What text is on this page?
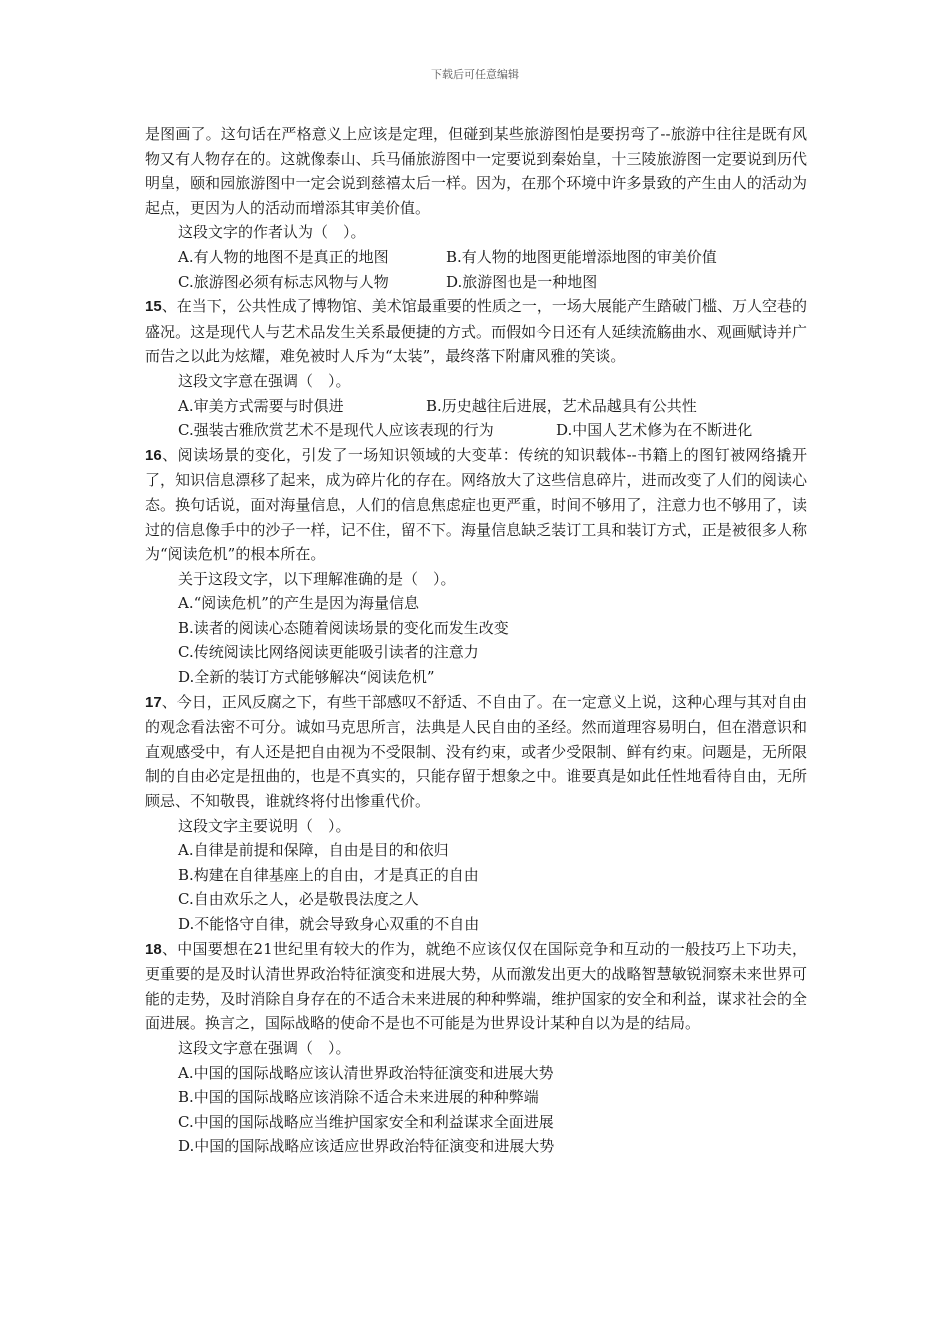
下载后可任意编辑

是图画了。这句话在严格意义上应该是定理，但碰到某些旅游图怕是要拐弯了--旅游中往往是既有风物又有人物存在的。这就像泰山、兵马俑旅游图中一定要说到秦始皇，十三陵旅游图一定要说到历代明皇，颐和园旅游图中一定会说到慈禧太后一样。因为，在那个环境中许多景致的产生由人的活动为起点，更因为人的活动而增添其审美价值。

这段文字的作者认为（　）。

A.有人物的地图不是真正的地图	B.有人物的地图更能增添地图的审美价值
C.旅游图必须有标志风物与人物	D.旅游图也是一种地图

15、在当下，公共性成了博物馆、美术馆最重要的性质之一，一场大展能产生踏破门槛、万人空巷的盛况。这是现代人与艺术品发生关系最便捷的方式。而假如今日还有人延续流觞曲水、观画赋诗并广而告之以此为炫耀，难免被时人斥为“太装”，最终落下附庸风雅的笑谈。

这段文字意在强调（　）。

A.审美方式需要与时俱进	B.历史越往后进展，艺术品越具有公共性
C.强装古雅欣赏艺术不是现代人应该表现的行为	D.中国人艺术修为在不断进化

16、阅读场景的变化，引发了一场知识领域的大变革：传统的知识载体--书籍上的图钉被网络撬开了，知识信息漂移了起来，成为碎片化的存在。网络放大了这些信息碎片，进而改变了人们的阅读心态。换句话说，面对海量信息，人们的信息焦虑症也更严重，时间不够用了，注意力也不够用了，读过的信息像手中的沙子一样，记不住，留不下。海量信息缺乏装订工具和装订方式，正是被很多人称为“阅读危机”的根本所在。

关于这段文字，以下理解准确的是（　）。

A.“阅读危机”的产生是因为海量信息

B.读者的阅读心态随着阅读场景的变化而发生改变

C.传统阅读比网络阅读更能吸引读者的注意力

D.全新的装订方式能够解决“阅读危机”

17、今日，正风反腐之下，有些干部感叹不舒适、不自由了。在一定意义上说，这种心理与其对自由的观念看法密不可分。诚如马克思所言，法典是人民自由的圣经。然而道理容易明白，但在潜意识和直观感受中，有人还是把自由视为不受限制、没有约束，或者少受限制、鲜有约束。问题是，无所限制的自由必定是扭曲的，也是不真实的，只能存留于想象之中。谁要真是如此任性地看待自由，无所顾忌、不知敬畏，谁就终将付出惨重代价。

这段文字主要说明（　）。

A.自律是前提和保障，自由是目的和依归

B.构建在自律基座上的自由，才是真正的自由

C.自由欢乐之人，必是敬畏法度之人

D.不能恪守自律，就会导致身心双重的不自由

18、中国要想在21世纪里有较大的作为，就绝不应该仅仅在国际竞争和互动的一般技巧上下功夫，更重要的是及时认清世界政治特征演变和进展大势，从而激发出更大的战略智慧敏锐洞察未来世界可能的走势，及时消除自身存在的不适合未来进展的种种弊端，维护国家的安全和利益，谋求社会的全面进展。换言之，国际战略的使命不是也不可能是为世界设计某种自以为是的结局。

这段文字意在强调（　）。

A.中国的国际战略应该认清世界政治特征演变和进展大势

B.中国的国际战略应该消除不适合未来进展的种种弊端

C.中国的国际战略应当维护国家安全和利益谋求全面进展

D.中国的国际战略应该适应世界政治特征演变和进展大势
